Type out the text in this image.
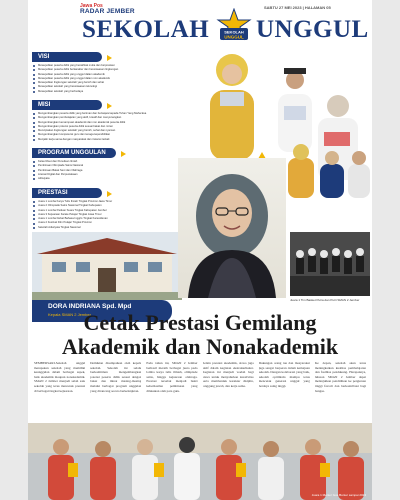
Jawa Pos
RADAR JEMBER
SEKOLAH	SEKOLAH
UNGGUL UNGGUL
SABTU 27 MEI 2023 | HALAMAN 05
VISI
Mewujudkan peserta didik yang berakhlak mulia dan berprestasi
Mewujudkan peserta didik berkarakter dan berwawasan lingkungan
Mewujudkan peserta didik yang unggul dalam akademik
Mewujudkan peserta didik yang unggul dalam non akademik
Mewujudkan lingkungan sekolah yang bersih dan sehat
Mewujudkan sekolah yang berwawasan teknologi
Mewujudkan sekolah yang berbudaya
MISI
Mengembangkan peserta didik yang beriman dan bertaqwa kepada Tuhan Yang Maha Esa
Mengembangkan pembelajaran yang aktif, kreatif dan menyenangkan
Mengembangkan kemampuan akademik dan non akademik peserta didik
Mengembangkan potensi peserta didik sesuai bakat dan minat
Menciptakan lingkungan sekolah yang bersih, sehat dan nyaman
Mengembangkan kompetensi guru dan tenaga kependidikan
Menjalin kerja sama dengan masyarakat dan instansi terkait
PROGRAM UNGGULAN
Kelas Riset dan Penulisan Ilmiah
Pembinaan Olimpiade Sains Nasional
Pembinaan Bakat Seni dan Olahraga
Literasi Digital dan Perpustakaan
Adiwiyata
PRESTASI
Juara 1 Lomba Karya Tulis Ilmiah Tingkat Provinsi Jawa Timur
Juara 2 Olimpiade Sains Nasional Tingkat Kabupaten
Juara 1 Lomba Paduan Suara Tingkat Kabupaten Jember
Juara 3 Kejuaraan Karate Pelajar Tingkat Jawa Timur
Juara 1 Lomba Debat Bahasa Inggris Tingkat Karesidenan
Juara 2 Festival Film Pelajar Tingkat Provinsi
Sekolah Adiwiyata Tingkat Nasional
DORA INDRIANA Spd. Mpd
Kepala SMAN 2 Jember
Juara 1 Tim Basket Putra dan Putri SMAN 2 Jember
Cetak Prestasi Gemilang
Akademik dan Nonakademik
SEMBERSARI-Sekolah unggul merupakan sekolah yang memiliki keunggulan dalam berbagai aspek, baik akademik maupun nonakademik. SMAN 2 Jember menjadi salah satu sekolah yang terus mencetak prestasi di berbagai tingkat kejuaraan.
Demikian disampaikan oleh kepala sekolah. Sekolah ini selalu berkomitmen mengembangkan potensi peserta didik sesuai dengan bakat dan minat masing-masing melalui berbagai program unggulan yang dirancang secara berkelanjutan.
Pada tahun ini, SMAN 2 Jember berhasil meraih berbagai juara pada lomba karya tulis ilmiah, olimpiade sains, hingga kejuaraan olahraga. Prestasi tersebut menjadi bukti keberhasilan pembinaan yang dilakukan oleh para guru.
Selain prestasi akademik, siswa juga aktif dalam kegiatan ekstrakurikuler. Kegiatan ini menjadi wadah bagi siswa untuk menyalurkan kreativitas serta membentuk karakter disiplin, tanggung jawab, dan kerja sama.
Dukungan orang tua dan masyarakat juga sangat berperan dalam kemajuan sekolah. Dengan kolaborasi yang baik, sekolah optimistis mampu terus mencetak generasi unggul yang berdaya saing tinggi.
Ke depan, sekolah akan terus meningkatkan kualitas pembelajaran dan fasilitas pendukung. Harapannya, lulusan SMAN 2 Jember dapat melanjutkan pendidikan ke perguruan tinggi favorit dan berkontribusi bagi bangsa.
Juara 1 Mentor Gus Bonter sampai 2024
